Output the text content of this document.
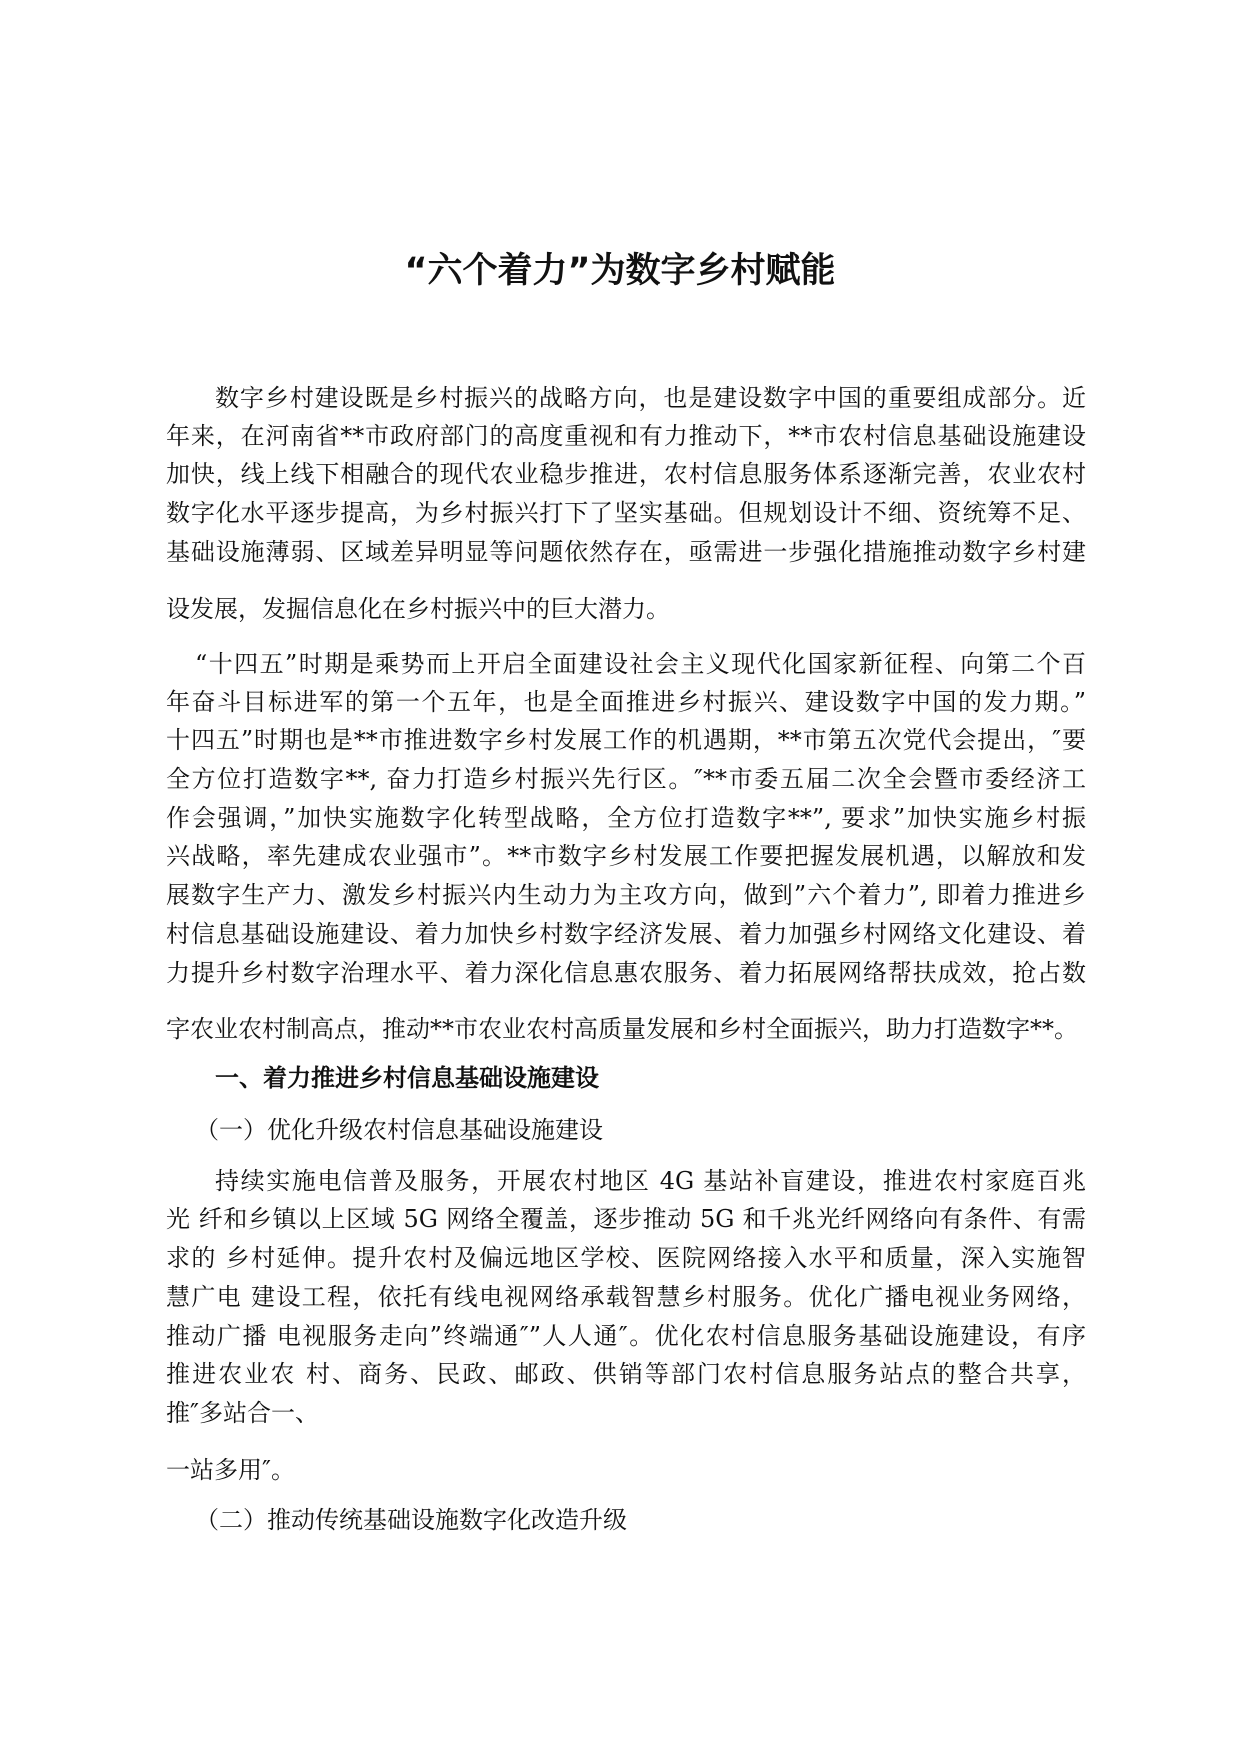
“六个着力”为数字乡村赋能
数字乡村建设既是乡村振兴的战略方向，也是建设数字中国的重要组成部分。近
年来，在河南省**市政府部门的高度重视和有力推动下，**市农村信息基础设施建设
加快，线上线下相融合的现代农业稳步推进，农村信息服务体系逐渐完善，农业农村
数字化水平逐步提高，为乡村振兴打下了坚实基础。但规划设计不细、资统筹不足、
基础设施薄弱、区域差异明显等问题依然存在，亟需进一步强化措施推动数字乡村建
设发展，发掘信息化在乡村振兴中的巨大潜力。
“十四五”时期是乘势而上开启全面建设社会主义现代化国家新征程、向第二个百
年奋斗目标进军的第一个五年，也是全面推进乡村振兴、建设数字中国的发力期。”
十四五”时期也是**市推进数字乡村发展工作的机遇期，**市第五次党代会提出，″要
全方位打造数字**, 奋力打造乡村振兴先行区。″**市委五届二次全会暨市委经济工
作会强调，”加快实施数字化转型战略，全方位打造数字**”, 要求”加快实施乡村振
兴战略，率先建成农业强市”。**市数字乡村发展工作要把握发展机遇，以解放和发
展数字生产力、激发乡村振兴内生动力为主攻方向，做到”六个着力”, 即着力推进乡
村信息基础设施建设、着力加快乡村数字经济发展、着力加强乡村网络文化建设、着
力提升乡村数字治理水平、着力深化信息惠农服务、着力拓展网络帮扶成效，抢占数
字农业农村制高点，推动**市农业农村高质量发展和乡村全面振兴，助力打造数字**。
一、着力推进乡村信息基础设施建设
（一）优化升级农村信息基础设施建设
持续实施电信普及服务，开展农村地区 4G 基站补盲建设，推进农村家庭百兆
光 纤和乡镇以上区域 5G 网络全覆盖，逐步推动 5G 和千兆光纤网络向有条件、有需
求的 乡村延伸。提升农村及偏远地区学校、医院网络接入水平和质量，深入实施智
慧广电 建设工程，依托有线电视网络承载智慧乡村服务。优化广播电视业务网络，
推动广播 电视服务走向”终端通″”人人通″。优化农村信息服务基础设施建设，有序
推进农业农 村、商务、民政、邮政、供销等部门农村信息服务站点的整合共享，
推″多站合一、
一站多用″。
（二）推动传统基础设施数字化改造升级
